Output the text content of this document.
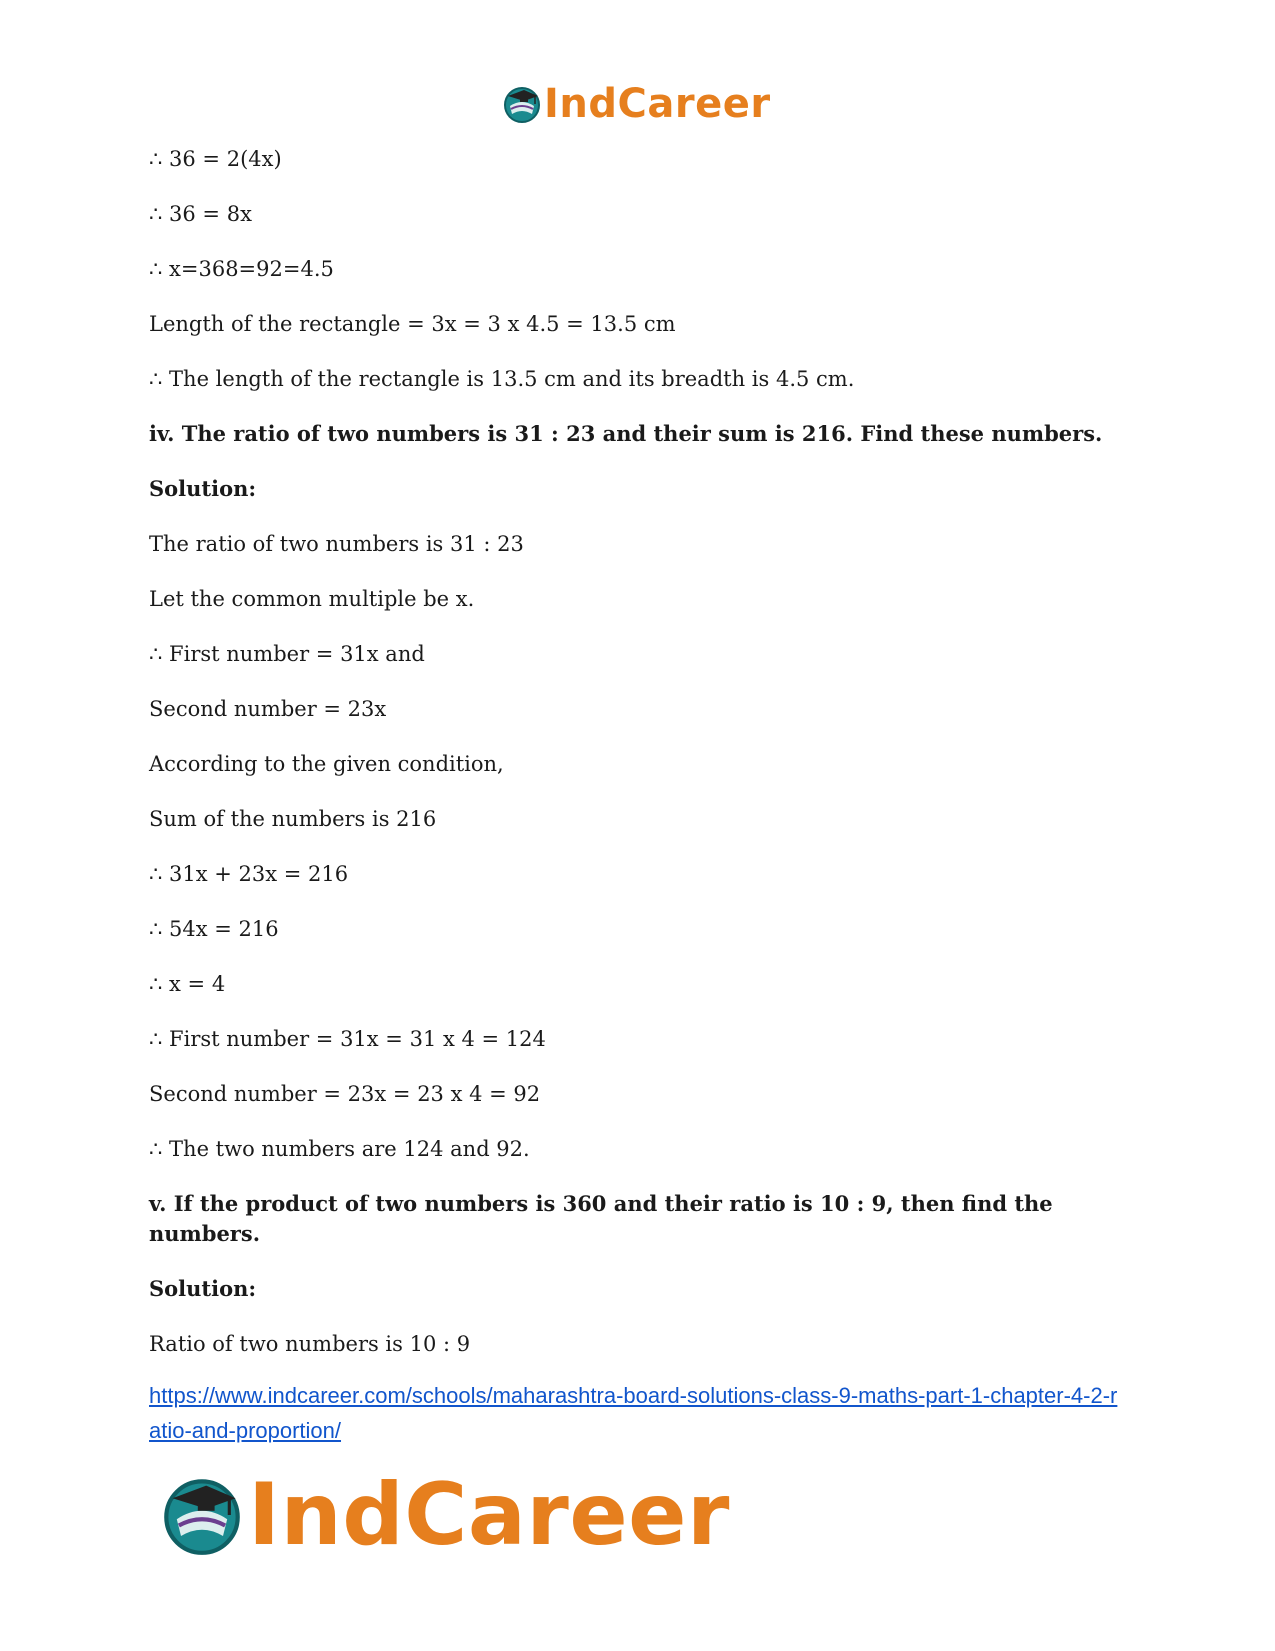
IndCareer
∴ 36 = 2(4x)
∴ 36 = 8x
∴ x=368=92=4.5
Length of the rectangle = 3x = 3 x 4.5 = 13.5 cm
∴ The length of the rectangle is 13.5 cm and its breadth is 4.5 cm.
iv. The ratio of two numbers is 31 : 23 and their sum is 216. Find these numbers.
Solution:
The ratio of two numbers is 31 : 23
Let the common multiple be x.
∴ First number = 31x and
Second number = 23x
According to the given condition,
Sum of the numbers is 216
∴ 31x + 23x = 216
∴ 54x = 216
∴ x = 4
∴ First number = 31x = 31 x 4 = 124
Second number = 23x = 23 x 4 = 92
∴ The two numbers are 124 and 92.
v. If the product of two numbers is 360 and their ratio is 10 : 9, then find the numbers.
Solution:
Ratio of two numbers is 10 : 9
https://www.indcareer.com/schools/maharashtra-board-solutions-class-9-maths-part-1-chapter-4-2-ratio-and-proportion/
IndCareer
